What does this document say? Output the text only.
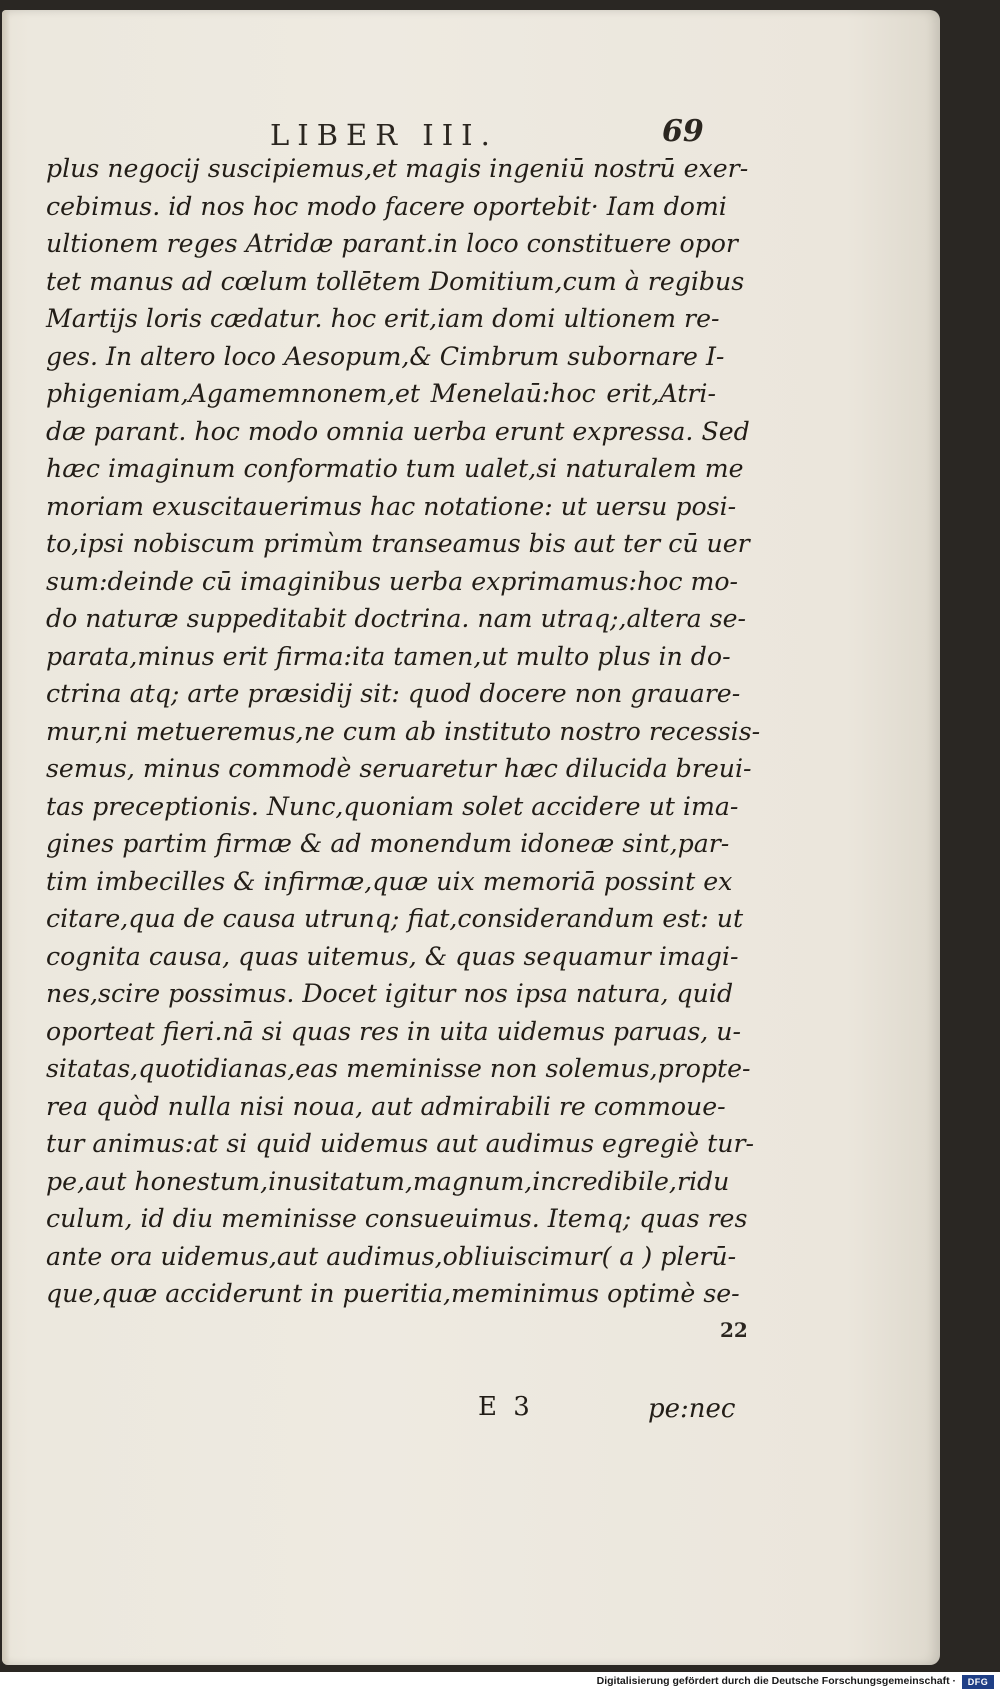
LIBER III.	69
plus negocij suscipiemus,et magis ingeniū nostrū exer-
cebimus. id nos hoc modo facere oportebit· Iam domi
ultionem reges Atridæ parant.in loco constituere opor
tet manus ad cœlum tollētem Domitium,cum à regibus
Martijs loris cædatur. hoc erit,iam domi ultionem re-
ges. In altero loco Aesopum,& Cimbrum subornare I-
phigeniam,Agamemnonem,et Menelaū:hoc erit,Atri-
dæ parant. hoc modo omnia uerba erunt expressa. Sed
hæc imaginum conformatio tum ualet,si naturalem me
moriam exuscitauerimus hac notatione: ut uersu posi-
to,ipsi nobiscum primùm transeamus bis aut ter cū uer
sum:deinde cū imaginibus uerba exprimamus:hoc mo-
do naturæ suppeditabit doctrina. nam utraq;,altera se-
parata,minus erit firma:ita tamen,ut multo plus in do-
ctrina atq; arte præsidij sit: quod docere non grauare-
mur,ni metueremus,ne cum ab instituto nostro recessis-
semus, minus commodè seruaretur hæc dilucida breui-
tas preceptionis. Nunc,quoniam solet accidere ut ima-
gines partim firmæ & ad monendum idoneæ sint,par-
tim imbecilles & infirmæ,quæ uix memoriā possint ex
citare,qua de causa utrunq; fiat,considerandum est: ut
cognita causa, quas uitemus, & quas sequamur imagi-
nes,scire possimus. Docet igitur nos ipsa natura, quid
oporteat fieri.nā si quas res in uita uidemus paruas, u-
sitatas,quotidianas,eas meminisse non solemus,propte-
rea quòd nulla nisi noua, aut admirabili re commoue-
tur animus:at si quid uidemus aut audimus egregiè tur-
pe,aut honestum,inusitatum,magnum,incredibile,ridu
culum, id diu meminisse consueuimus. Itemq; quas res
ante ora uidemus,aut audimus,obliuiscimur( a ) plerū-
que,quæ acciderunt in pueritia,meminimus optimè se-
22
E 3	pe:nec
Digitalisierung gefördert durch die Deutsche Forschungsgemeinschaft ·	DFG
